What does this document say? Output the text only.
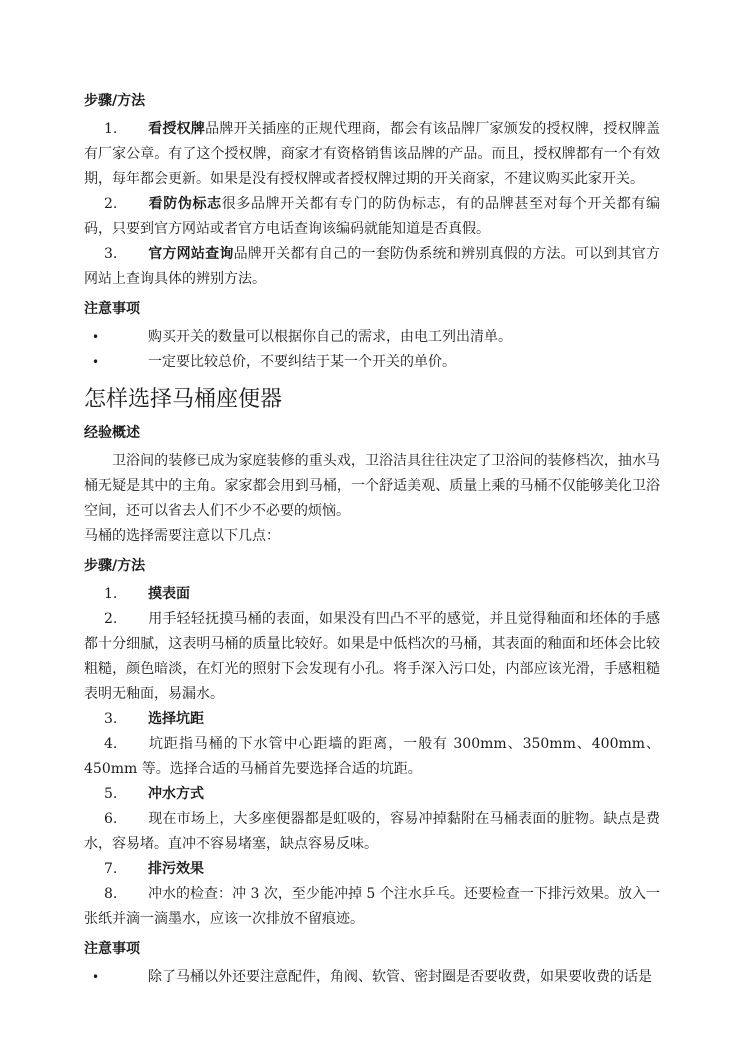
步骤/方法

1. 看授权牌品牌开关插座的正规代理商，都会有该品牌厂家颁发的授权牌，授权牌盖有厂家公章。有了这个授权牌，商家才有资格销售该品牌的产品。而且，授权牌都有一个有效期，每年都会更新。如果是没有授权牌或者授权牌过期的开关商家，不建议购买此家开关。

2. 看防伪标志很多品牌开关都有专门的防伪标志，有的品牌甚至对每个开关都有编码，只要到官方网站或者官方电话查询该编码就能知道是否真假。

3. 官方网站查询品牌开关都有自己的一套防伪系统和辨别真假的方法。可以到其官方网站上查询具体的辨别方法。

注意事项

•	购买开关的数量可以根据你自己的需求，由电工列出清单。

•	一定要比较总价，不要纠结于某一个开关的单价。

怎样选择马桶座便器
经验概述

卫浴间的装修已成为家庭装修的重头戏，卫浴洁具往往决定了卫浴间的装修档次，抽水马桶无疑是其中的主角。家家都会用到马桶，一个舒适美观、质量上乘的马桶不仅能够美化卫浴空间，还可以省去人们不少不必要的烦恼。

马桶的选择需要注意以下几点：

步骤/方法

1. 摸表面

2. 用手轻轻抚摸马桶的表面，如果没有凹凸不平的感觉，并且觉得釉面和坯体的手感都十分细腻，这表明马桶的质量比较好。如果是中低档次的马桶，其表面的釉面和坯体会比较粗糙，颜色暗淡，在灯光的照射下会发现有小孔。将手深入污口处，内部应该光滑，手感粗糙表明无釉面，易漏水。

3. 选择坑距

4. 坑距指马桶的下水管中心距墙的距离，一般有 300mm、350mm、400mm、450mm 等。选择合适的马桶首先要选择合适的坑距。

5. 冲水方式

6. 现在市场上，大多座便器都是虹吸的，容易冲掉黏附在马桶表面的脏物。缺点是费水，容易堵。直冲不容易堵塞，缺点容易反味。

7. 排污效果

8. 冲水的检查：冲 3 次，至少能冲掉 5 个注水乒乓。还要检查一下排污效果。放入一张纸并滴一滴墨水，应该一次排放不留痕迹。

注意事项

•	除了马桶以外还要注意配件，角阀、软管、密封圈是否要收费，如果要收费的话是
